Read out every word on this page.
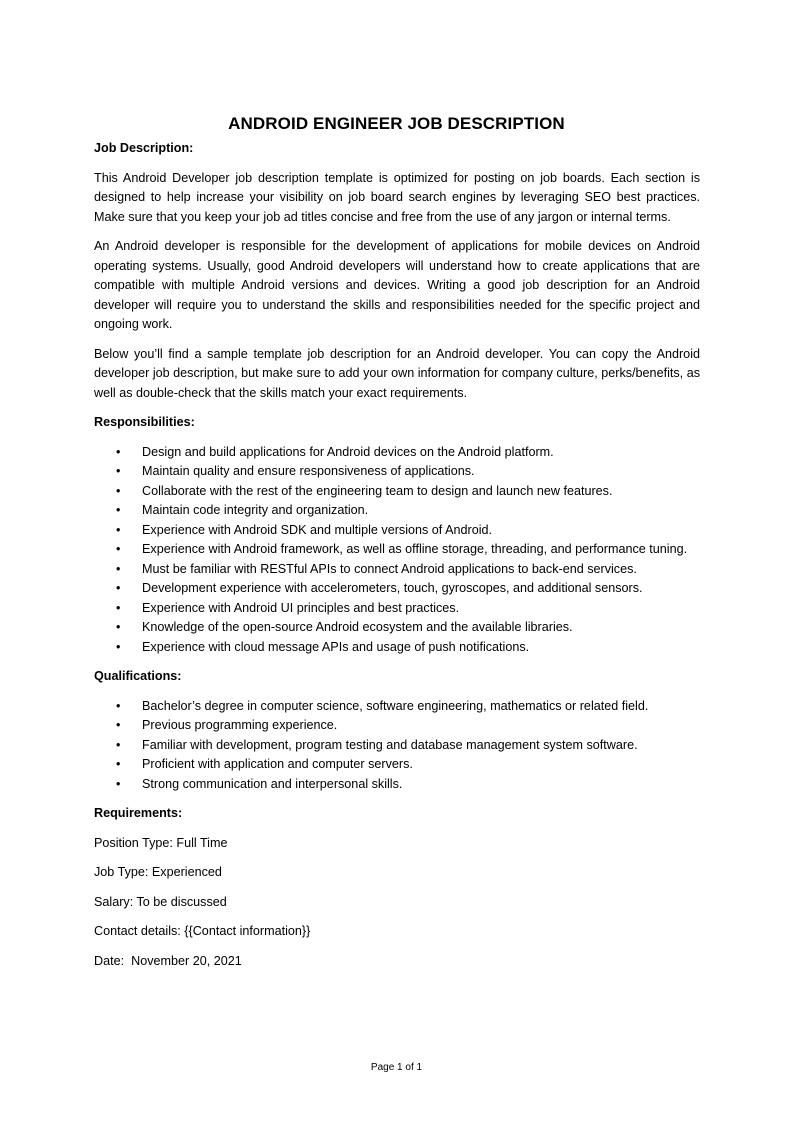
ANDROID ENGINEER JOB DESCRIPTION

Job Description:

This Android Developer job description template is optimized for posting on job boards. Each section is designed to help increase your visibility on job board search engines by leveraging SEO best practices. Make sure that you keep your job ad titles concise and free from the use of any jargon or internal terms.

An Android developer is responsible for the development of applications for mobile devices on Android operating systems. Usually, good Android developers will understand how to create applications that are compatible with multiple Android versions and devices. Writing a good job description for an Android developer will require you to understand the skills and responsibilities needed for the specific project and ongoing work.

Below you’ll find a sample template job description for an Android developer. You can copy the Android developer job description, but make sure to add your own information for company culture, perks/benefits, as well as double-check that the skills match your exact requirements.

Responsibilities:

• Design and build applications for Android devices on the Android platform.
• Maintain quality and ensure responsiveness of applications.
• Collaborate with the rest of the engineering team to design and launch new features.
• Maintain code integrity and organization.
• Experience with Android SDK and multiple versions of Android.
• Experience with Android framework, as well as offline storage, threading, and performance tuning.
• Must be familiar with RESTful APIs to connect Android applications to back-end services.
• Development experience with accelerometers, touch, gyroscopes, and additional sensors.
• Experience with Android UI principles and best practices.
• Knowledge of the open-source Android ecosystem and the available libraries.
• Experience with cloud message APIs and usage of push notifications.

Qualifications:

• Bachelor’s degree in computer science, software engineering, mathematics or related field.
• Previous programming experience.
• Familiar with development, program testing and database management system software.
• Proficient with application and computer servers.
• Strong communication and interpersonal skills.

Requirements:

Position Type: Full Time

Job Type: Experienced

Salary: To be discussed

Contact details: {{Contact information}}

Date:  November 20, 2021

Page 1 of 1
